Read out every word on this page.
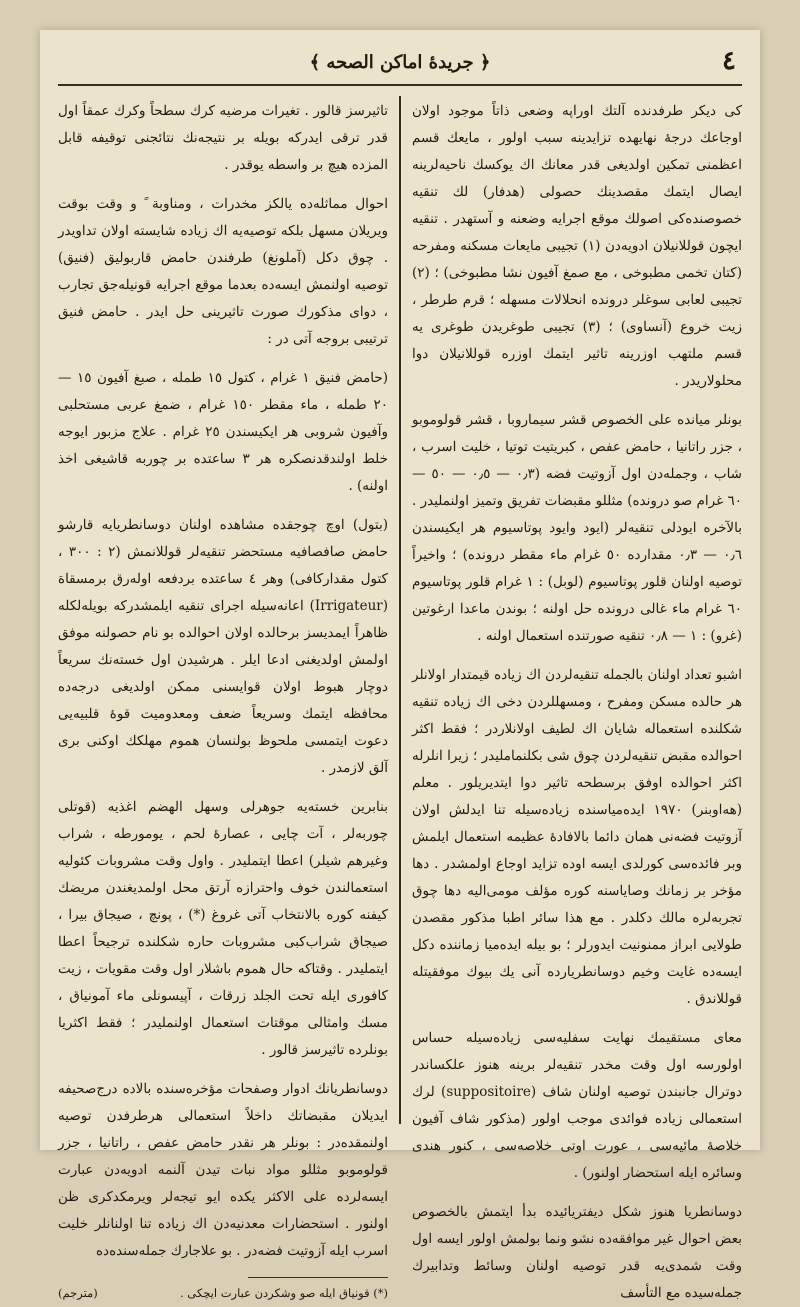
٤
﴿ جريدهٔ اماكن الصحه ﴾

كى ديكر طرفدنده آلتك اوراپه وضعى ذاتاً موجود اولان اوجاعك درجهٔ نهايهده تزايدينه سبب اولور ، مايعك قسم اعظمنى تمكين اولديغى قدر معانك اك يوكسك ناحيه‌لرينه ايصال ايتمك مقصدينك حصولى (هدفار) لك تنقيه خصوصنده‌كى اصولك موقع اجرايه وضعنه و آستهدر . تنقيه ايچون قوللانيلان ادويه‌دن (١) تجيبى مايعات مسكنه ومفرحه (كتان تخمى مطبوخى ، مع صمغ آفيون نشا مطبوخى) ؛ (٢) تجيبى لعابى سوغلر درونده انحلالات مسهله ؛ قرم طرطر ، زيت خروع (آنساوى) ؛ (٣) تجيبى طوغريدن طوغرى يه قسم ملتهب اوزرينه تاثير ايتمك اوزره قوللانيلان دوا محلولاريدر .

بونلر ميانده على الخصوص قشر سيماروبا ، قشر قولوموبو ، جزر راتانيا ، حامض عفص ، كبريتيت توتيا ، خليت اسرب ، شاب ، وجمله‌دن اول آزوتيت فضه (٠٫٣ — ٠٫٥ — ٥٠ — ٦٠ غرام صو درونده) مثللو مقبضات تفريق وتميز اولنمليدر . بالآخره ايودلى تنقيه‌لر (ايود وايود پوتاسيوم هر ايكيسندن ٠٫٦ — ٠٫٣ مقدارده ٥٠ غرام ماء مقطر درونده) ؛ واخيراً توصيه اولنان قلور پوتاسيوم (لوبل) : ١ غرام قلور پوتاسيوم ٦٠ غرام ماء غالى درونده حل اولنه ؛ بوندن ماعدا ارغوتين (غرو) : ١ — ٠٫٨ تنقيه صورتنده استعمال اولنه .

اشبو تعداد اولنان بالجمله تنقيه‌لردن اك زياده قيمتدار اولانلر هر حالده مسكن ومفرح ، ومسهللردن دخى اك زياده تنقيه شكلنده استعماله شايان اك لطيف اولانلاردر ؛ فقط اكثر احوالده مقبض تنقيه‌لردن چوق شى بكلنمامليدر ؛ زيرا انلرله اكثر احوالده اوفق برسطحه تاثير دوا ايتديريلور . معلم (هه‌اوبنر) ١٩٧٠ ايده‌مياسنده زياده‌سيله تنا ايدلش اولان آزوتيت فضه‌نى همان دائما بالافادهٔ عظيمه استعمال ايلمش وبر فائده‌سى كورلدى ايسه اوده تزايد اوجاع اولمشدر . دها مؤخر بر زمانك وصاياسنه كوره مؤلف مومى‌اليه دها چوق تجربه‌لره مالك دكلدر . مع هذا سائر اطبا مذكور مقصدن طولايى ابراز ممنونيت ايدورلر ؛ بو بيله ايده‌ميا زماننده دكل ايسه‌ده غايت وخيم دوسانطريارده آنى يك بيوك موفقيتله قوللاندق .

معاى مستقيمك نهايت سفليه‌سى زياده‌سيله حساس اولورسه اول وقت مخدر تنقيه‌لر برينه هنوز علكساندر دوترال جانبندن توصيه اولنان شاف (suppositoire) لرك استعمالى زياده فوائدى موجب اولور (مذكور شاف آفيون خلاصهٔ مائيه‌سى ، عورت اوتى خلاصه‌سى ، كنور هندى وسائره ايله استحضار اولنور) .

دوسانطريا هنوز شكل ديفتريائيده بدأ ايتمش بالخصوص بعض احوال غير موافقه‌ده نشو ونما بولمش اولور ايسه اول وقت شمدى‌يه قدر توصيه اولنان وسائط وتدابيرك جمله‌سيده مع التأسف

تاثيرسز قالور . تغيرات مرضيه كرك سطحاً وكرك عمقاً اول قدر ترقى ايدركه بويله بر نتيجه‌نك نتائجنى توقيفه قابل المزده هيچ بر واسطه يوقدر .

احوال مماثله‌ده يالكز مخدرات ، ومناوبة ً و وقت بوقت ويريلان مسهل بلكه توصيه‌يه اك زياده شايسته اولان تداويدر . چوق دكل (آملونغ) طرفندن حامض قاربوليق (فنيق) توصيه اولنمش ايسه‌ده بعدما موقع اجرايه قونيله‌جق تجارب ، دواى مذكورك صورت تاثيرينى حل ايدر . حامض فنيق ترتيبى بروجه آتى در :

(حامض فنيق ١ غرام ، كتول ١٥ طمله ، صبغ آفيون ١٥ — ٢٠ طمله ، ماء مقطر ١٥٠ غرام ، ضمغ عربى مستحلبى وآفيون شروبى هر ايكيسندن ٢٥ غرام . علاج مزبور ايوجه خلط اولندقدنصكره هر ٣ ساعتده بر چوربه قاشيغى اخذ اولنه) .

(بتول) اوچ چوجقده مشاهده اولنان دوسانطريايه قارشو حامض صافصافيه مستحضر تنقيه‌لر قوللانمش (٢ : ٣٠٠ ، كتول مقدارکافی) وهر ٤ ساعتده بردفعه اوله‌رق برمسقاة (Irrigateur) اعانه‌سيله اجراى تنقيه ايلمشدركه بويله‌لكله ظاهراً ايمديسز برحالده اولان احوالده بو نام حصولنه موفق اولمش اولديغنى ادعا ايلر . هرشيدن اول خسته‌نك سريعاً دوچار هبوط اولان قوايسنى ممكن اولديغى درجه‌ده محافظه ايتمك وسريعاً ضعف ومعدوميت قوهٔ قلبيه‌يى دعوت ايتمسى ملحوظ بولنسان هموم مهلكك اوكنى برى آلق لازمدر .

بنابرين خسته‌يه جوهرلى وسهل الهضم اغذيه (قوتلى چوربه‌لر ، آت چايى ، عصارهٔ لحم ، يومورطه ، شراب وغيرهم شيلر) اعطا ايتمليدر . واول وقت مشروبات كئوليه استعمالندن خوف واحترازه آرتق محل اولمديغندن مريضك كيفنه كوره بالانتخاب آتى غروغ (*) ، پونچ ، صيجاق بيرا ، صيجاق شراب‌كبى مشروبات حاره شكلنده ترجيحاً اعطا ايتمليدر . وقتاكه حال هموم باشلار اول وقت مقويات ، زيت كافورى ايله تحت الجلد زرقات ، آپيسونلى ماء آمونياق ، مسك وامثالى موقتات استعمال اولنمليدر ؛ فقط اكثريا بونلرده تاثيرسز قالور .

دوسانطريانك ادوار وصفحات مؤخره‌سنده بالاده درج‌صحيفه ايديلان مقبضاتك داخلاً استعمالى هرطرفدن توصيه اولنمقده‌در : بونلر هر نقدر حامض عفص ، راتانيا ، جزر قولوموبو مثللو مواد نبات تيدن آلنمه ادويه‌دن عبارت ايسه‌لرده على الاكثر يكده ايو تيجه‌لر ويرمكدكرى ظن اولنور . استحضارات معدنيه‌دن اك زياده تنا اولنانلر خليت اسرب ايله آزوتيت فضه‌در . بو علاجارك جمله‌سنده‌ده

(*) قونياق ايله صو وشكردن عبارت ايچكى .
(مترجم)
